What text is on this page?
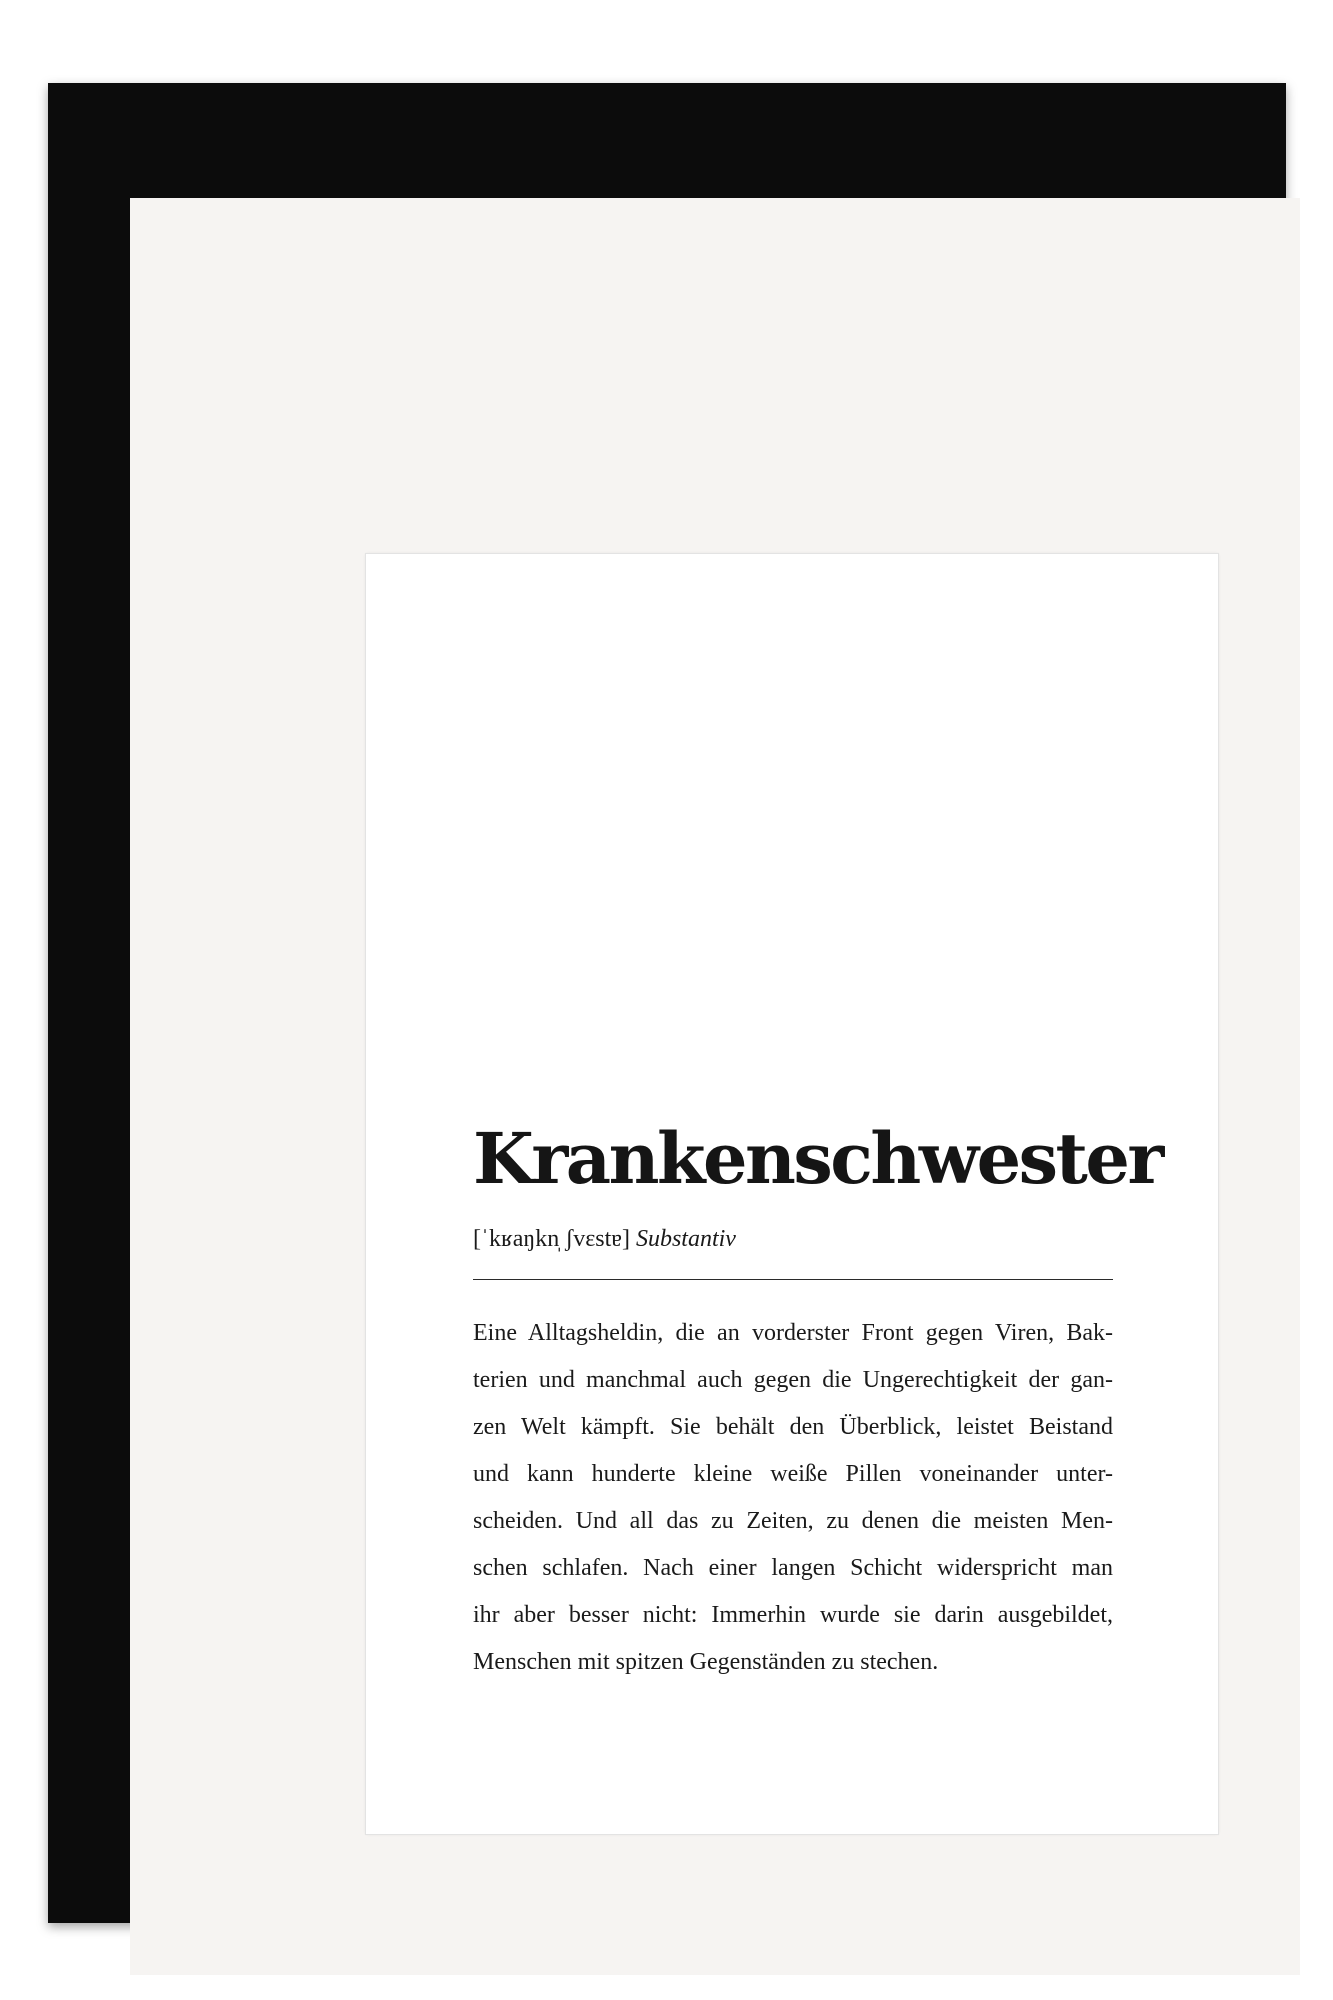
Krankenschwester
[ˈkʁaŋkn̩ ʃvɛstɐ] Substantiv
Eine Alltagsheldin, die an vorderster Front gegen Viren, Bak-
terien und manchmal auch gegen die Ungerechtigkeit der gan-
zen Welt kämpft. Sie behält den Überblick, leistet Beistand
und kann hunderte kleine weiße Pillen voneinander unter-
scheiden. Und all das zu Zeiten, zu denen die meisten Men-
schen schlafen. Nach einer langen Schicht widerspricht man
ihr aber besser nicht: Immerhin wurde sie darin ausgebildet,
Menschen mit spitzen Gegenständen zu stechen.
